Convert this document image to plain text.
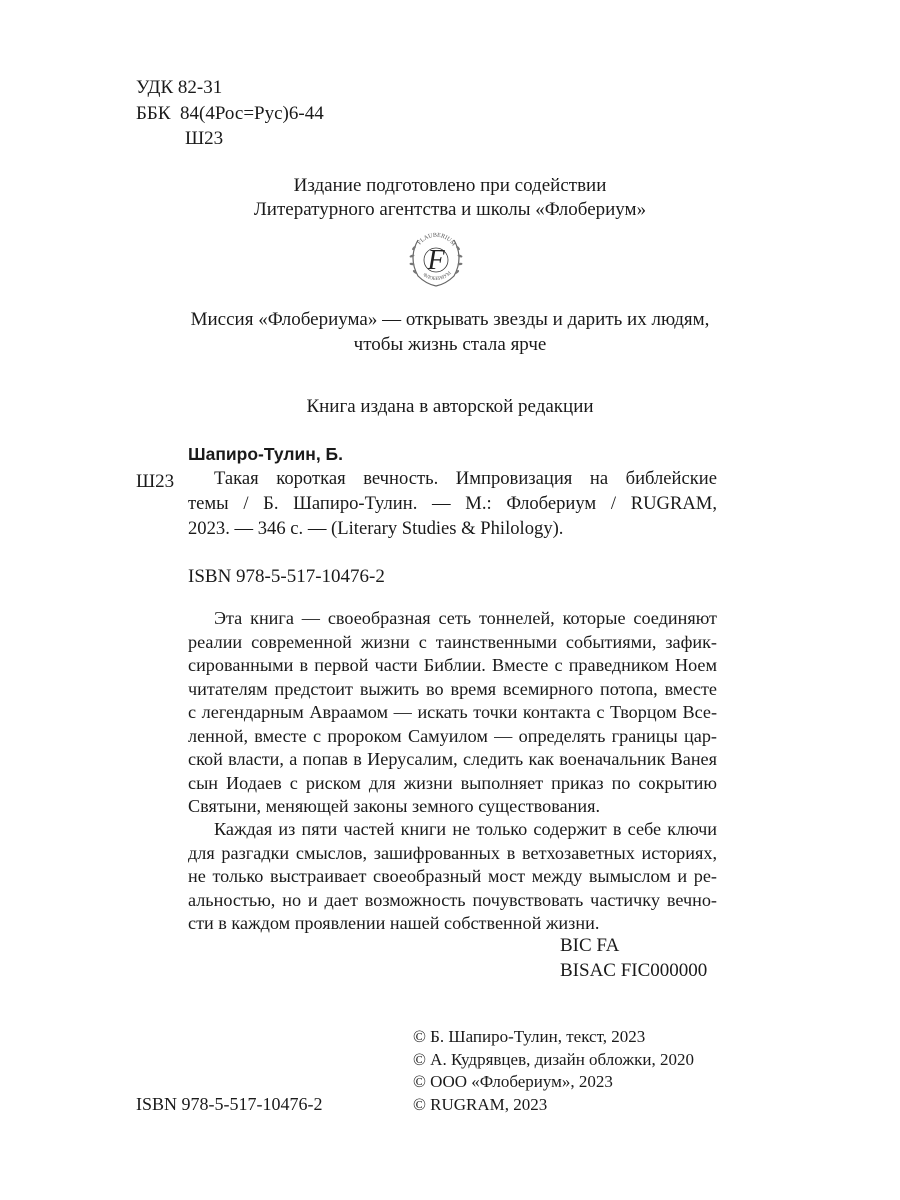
УДК 82-31
ББК  84(4Рос=Рус)6-44
Ш23
Издание подготовлено при содействии
Литературного агентства и школы «Флобериум»
FLAUBERIUM
ФЛОБЕРИУМ
F
Миссия «Флобериума» — открывать звезды и дарить их людям,
чтобы жизнь стала ярче
Книга издана в авторской редакции
Шапиро-Тулин, Б.
Ш23	Такая короткая вечность. Импровизация на библейские
темы / Б. Шапиро-Тулин. — М.: Флобериум / RUGRAM,
2023. — 346 с. — (Literary Studies & Philology).
ISBN 978-5-517-10476-2
Эта книга — своеобразная сеть тоннелей, которые соединяют
реалии современной жизни с таинственными событиями, зафик-
сированными в первой части Библии. Вместе с праведником Ноем
читателям предстоит выжить во время всемирного потопа, вместе
с легендарным Авраамом — искать точки контакта с Творцом Все-
ленной, вместе с пророком Самуилом — определять границы цар-
ской власти, а попав в Иерусалим, следить как военачальник Ванея
сын Иодаев с риском для жизни выполняет приказ по сокрытию
Святыни, меняющей законы земного существования.
Каждая из пяти частей книги не только содержит в себе ключи
для разгадки смыслов, зашифрованных в ветхозаветных историях,
не только выстраивает своеобразный мост между вымыслом и ре-
альностью, но и дает возможность почувствовать частичку вечно-
сти в каждом проявлении нашей собственной жизни.
BIC FA
BISAC FIC000000
ISBN 978-5-517-10476-2
© Б. Шапиро-Тулин, текст, 2023
© А. Кудрявцев, дизайн обложки, 2020
© ООО «Флобериум», 2023
© RUGRAM, 2023
